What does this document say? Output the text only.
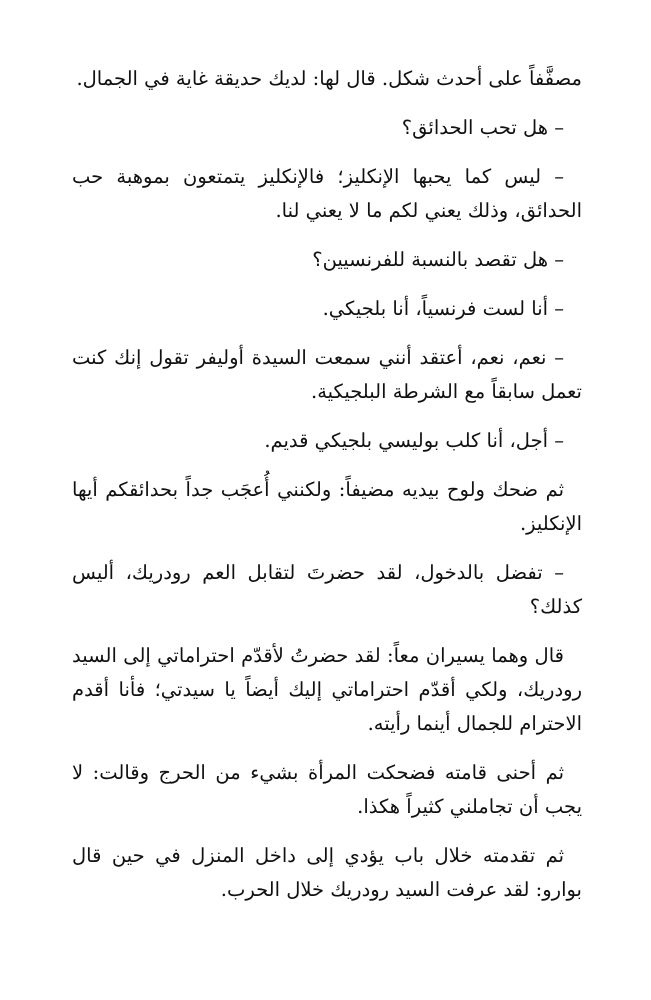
مصفَّفاً على أحدث شكل. قال لها: لديك حديقة غاية في الجمال.

– هل تحب الحدائق؟

– ليس كما يحبها الإنكليز؛ فالإنكليز يتمتعون بموهبة حب الحدائق، وذلك يعني لكم ما لا يعني لنا.

– هل تقصد بالنسبة للفرنسيين؟

– أنا لست فرنسياً، أنا بلجيكي.

– نعم، نعم، أعتقد أنني سمعت السيدة أوليفر تقول إنك كنت تعمل سابقاً مع الشرطة البلجيكية.

– أجل، أنا كلب بوليسي بلجيكي قديم.

ثم ضحك ولوح بيديه مضيفاً: ولكنني أُعجَب جداً بحدائقكم أيها الإنكليز.

– تفضل بالدخول، لقد حضرتَ لتقابل العم رودريك، أليس كذلك؟

قال وهما يسيران معاً: لقد حضرتُ لأقدّم احتراماتي إلى السيد رودريك، ولكي أقدّم احتراماتي إليك أيضاً يا سيدتي؛ فأنا أقدم الاحترام للجمال أينما رأيته.

ثم أحنى قامته فضحكت المرأة بشيء من الحرج وقالت: لا يجب أن تجاملني كثيراً هكذا.

ثم تقدمته خلال باب يؤدي إلى داخل المنزل في حين قال بوارو: لقد عرفت السيد رودريك خلال الحرب.
